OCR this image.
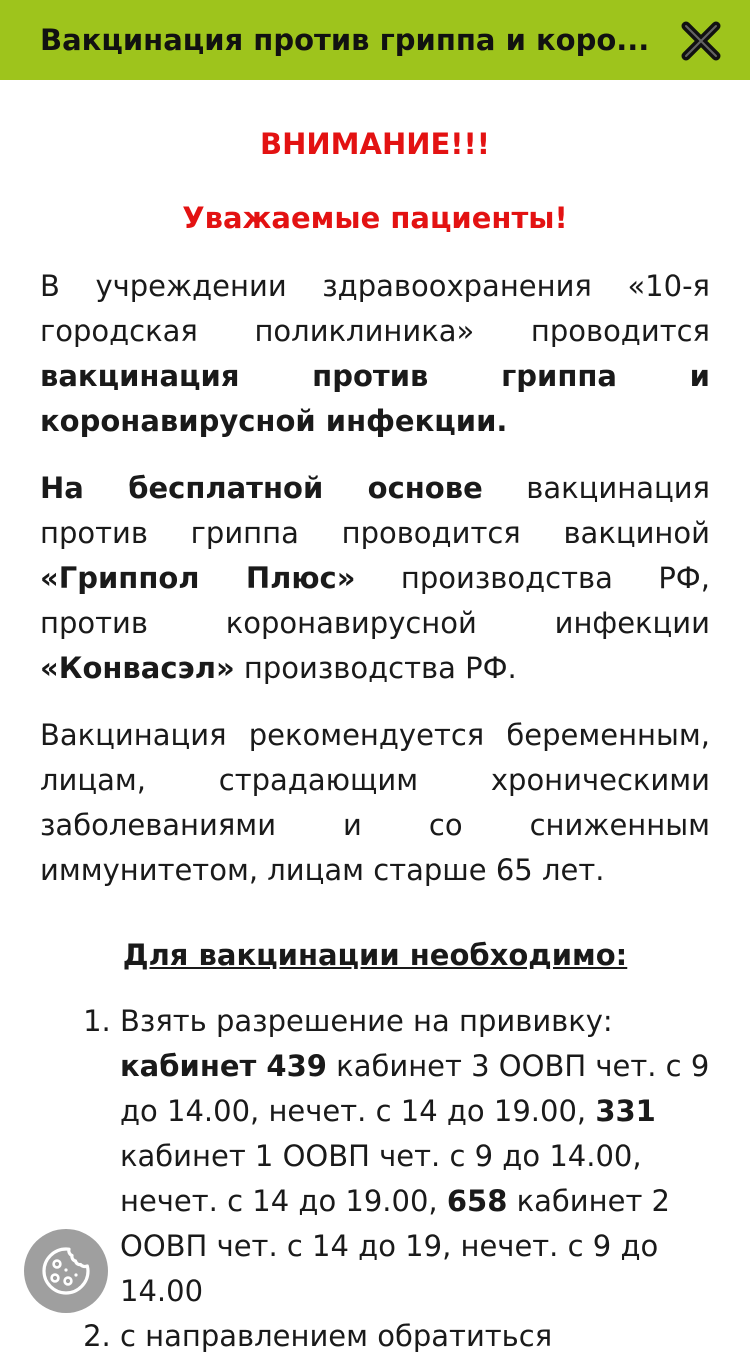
Вакцинация против гриппа и коро...

ВНИМАНИЕ!!!

Уважаемые пациенты!

В учреждении здравоохранения «10-я городская поликлиника» проводится вакцинация против гриппа и коронавирусной инфекции.

На бесплатной основе вакцинация против гриппа проводится вакциной «Гриппол Плюс» производства РФ, против коронавирусной инфекции «Конвасэл» производства РФ.

Вакцинация рекомендуется беременным, лицам, страдающим хроническими заболеваниями и со сниженным иммунитетом, лицам старше 65 лет.

Для вакцинации необходимо:

1. Взять разрешение на прививку: кабинет 439 кабинет 3 ООВП чет. с 9 до 14.00, нечет. с 14 до 19.00, 331 кабинет 1 ООВП чет. с 9 до 14.00, нечет. с 14 до 19.00, 658 кабинет 2 ООВП чет. с 14 до 19, нечет. с 9 до 14.00
2. с направлением обратиться
